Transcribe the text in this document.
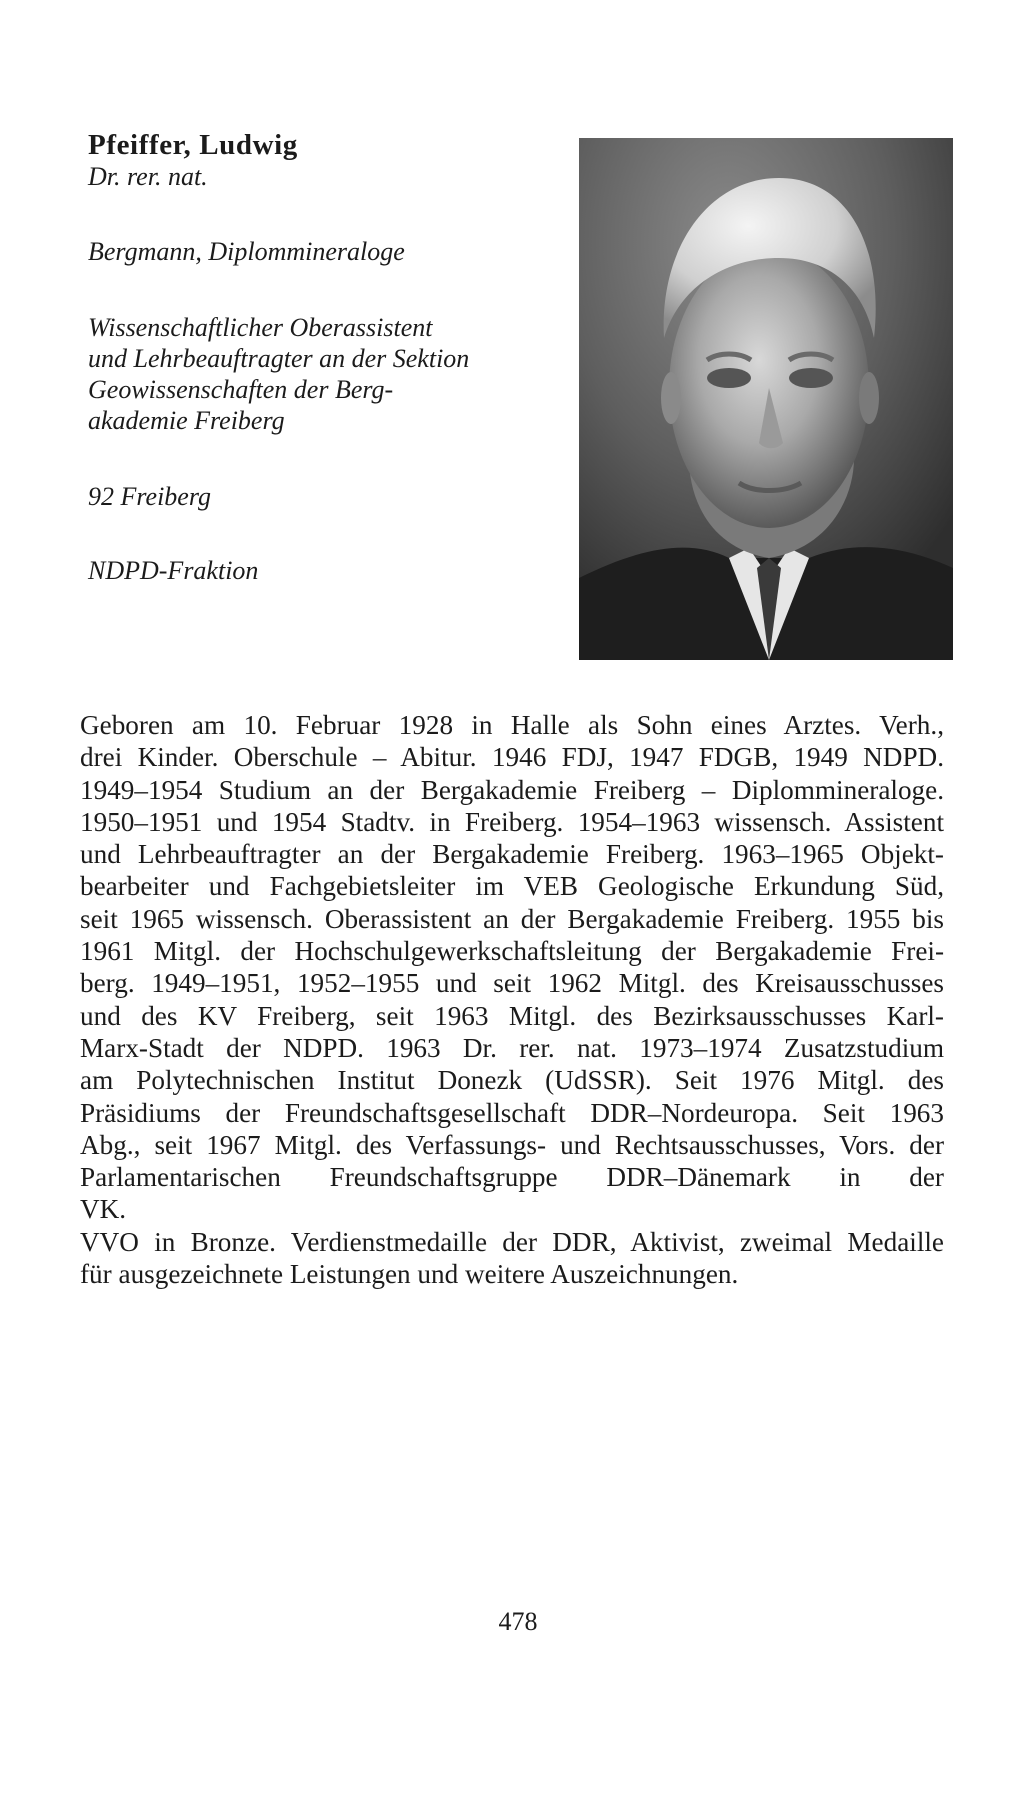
Pfeiffer, Ludwig

Dr. rer. nat.

Bergmann, Diplommineraloge

Wissenschaftlicher Oberassistent
und Lehrbeauftragter an der Sektion
Geowissenschaften der Berg-
akademie Freiberg

92 Freiberg

NDPD-Fraktion

Geboren am 10. Februar 1928 in Halle als Sohn eines Arztes. Verh.,
drei Kinder. Oberschule – Abitur. 1946 FDJ, 1947 FDGB, 1949 NDPD.
1949–1954 Studium an der Bergakademie Freiberg – Diplommineraloge.
1950–1951 und 1954 Stadtv. in Freiberg. 1954–1963 wissensch. Assistent
und Lehrbeauftragter an der Bergakademie Freiberg. 1963–1965 Objekt-
bearbeiter und Fachgebietsleiter im VEB Geologische Erkundung Süd,
seit 1965 wissensch. Oberassistent an der Bergakademie Freiberg. 1955 bis
1961 Mitgl. der Hochschulgewerkschaftsleitung der Bergakademie Frei-
berg. 1949–1951, 1952–1955 und seit 1962 Mitgl. des Kreisausschusses
und des KV Freiberg, seit 1963 Mitgl. des Bezirksausschusses Karl-
Marx-Stadt der NDPD. 1963 Dr. rer. nat. 1973–1974 Zusatzstudium
am Polytechnischen Institut Donezk (UdSSR). Seit 1976 Mitgl. des
Präsidiums der Freundschaftsgesellschaft DDR–Nordeuropa. Seit 1963
Abg., seit 1967 Mitgl. des Verfassungs- und Rechtsausschusses, Vors. der
Parlamentarischen Freundschaftsgruppe DDR–Dänemark in der
VK.
VVO in Bronze. Verdienstmedaille der DDR, Aktivist, zweimal Medaille
für ausgezeichnete Leistungen und weitere Auszeichnungen.
478
